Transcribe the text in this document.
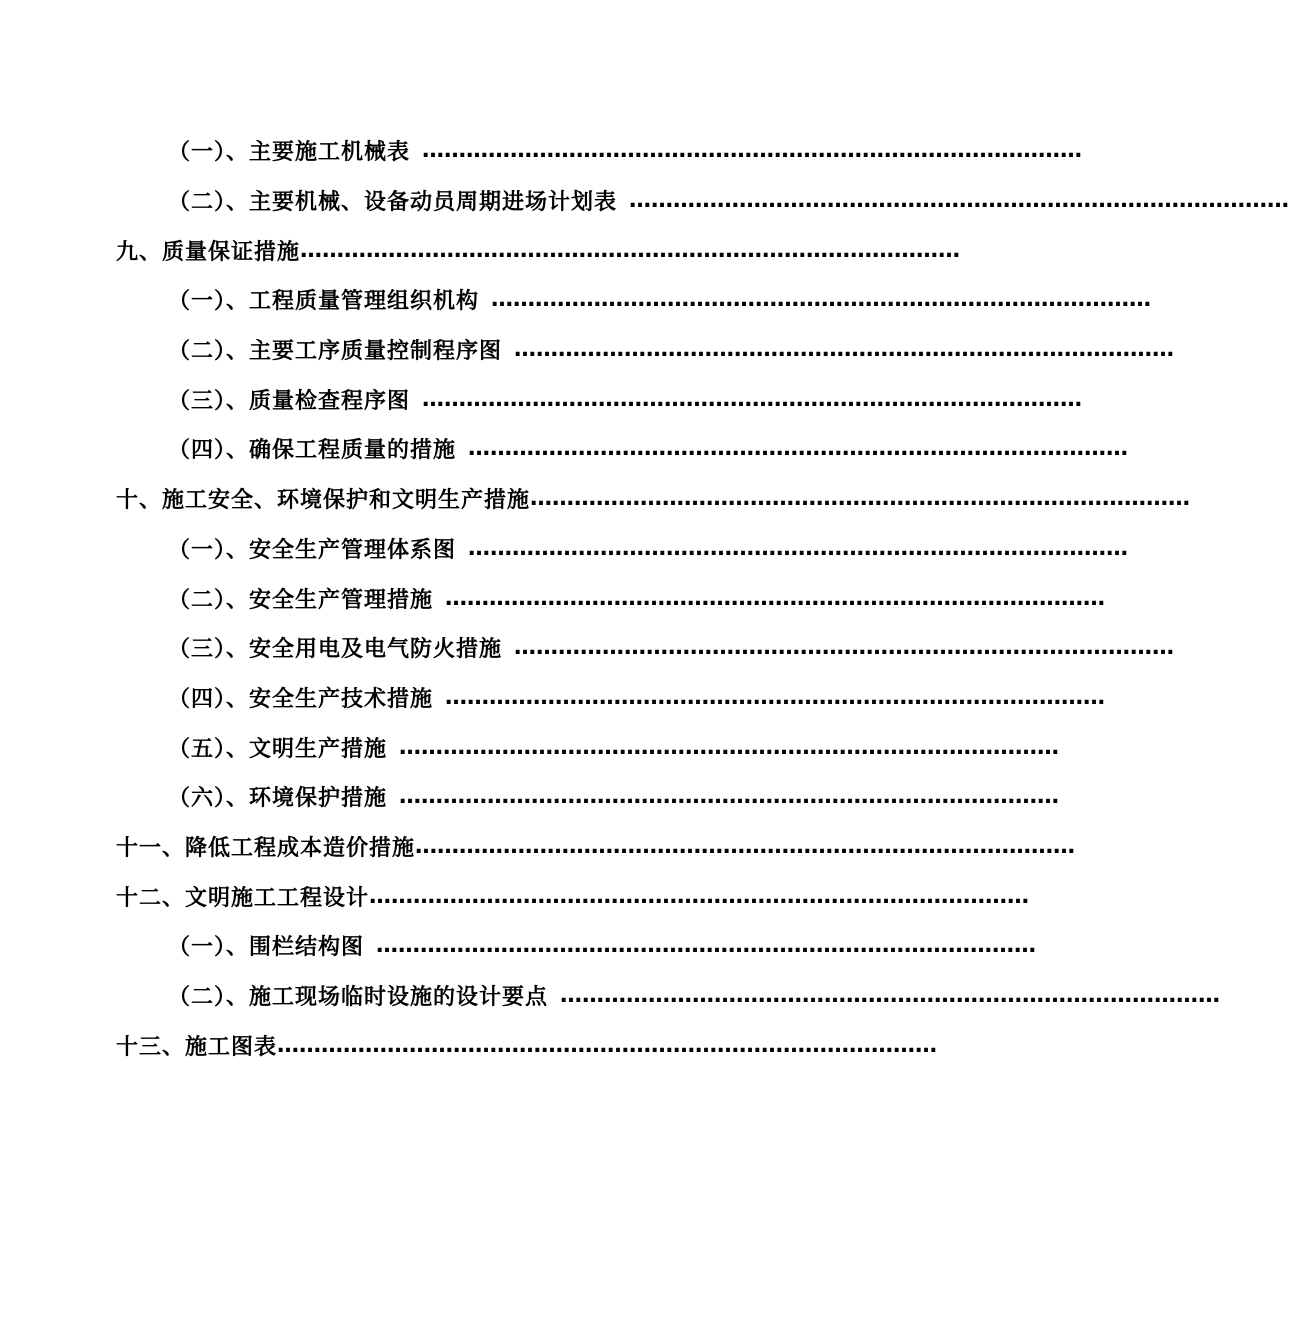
（一）、主要施工机械表 ………………………………………………………………………………
（二）、主要机械、设备动员周期进场计划表 ………………………………………………………………………………
九、质量保证措施 ………………………………………………………………………………
（一）、工程质量管理组织机构 ………………………………………………………………………………
（二）、主要工序质量控制程序图 ………………………………………………………………………………
（三）、质量检查程序图 ………………………………………………………………………………
（四）、确保工程质量的措施 ………………………………………………………………………………
十、施工安全、环境保护和文明生产措施 ………………………………………………………………………………
（一）、安全生产管理体系图 ………………………………………………………………………………
（二）、安全生产管理措施 ………………………………………………………………………………
（三）、安全用电及电气防火措施 ………………………………………………………………………………
（四）、安全生产技术措施 ………………………………………………………………………………
（五）、文明生产措施 ………………………………………………………………………………
（六）、环境保护措施 ………………………………………………………………………………
十一、降低工程成本造价措施 ………………………………………………………………………………
十二、文明施工工程设计 ………………………………………………………………………………
（一）、围栏结构图 ………………………………………………………………………………
（二）、施工现场临时设施的设计要点 ………………………………………………………………………………
十三、施工图表 ………………………………………………………………………………
